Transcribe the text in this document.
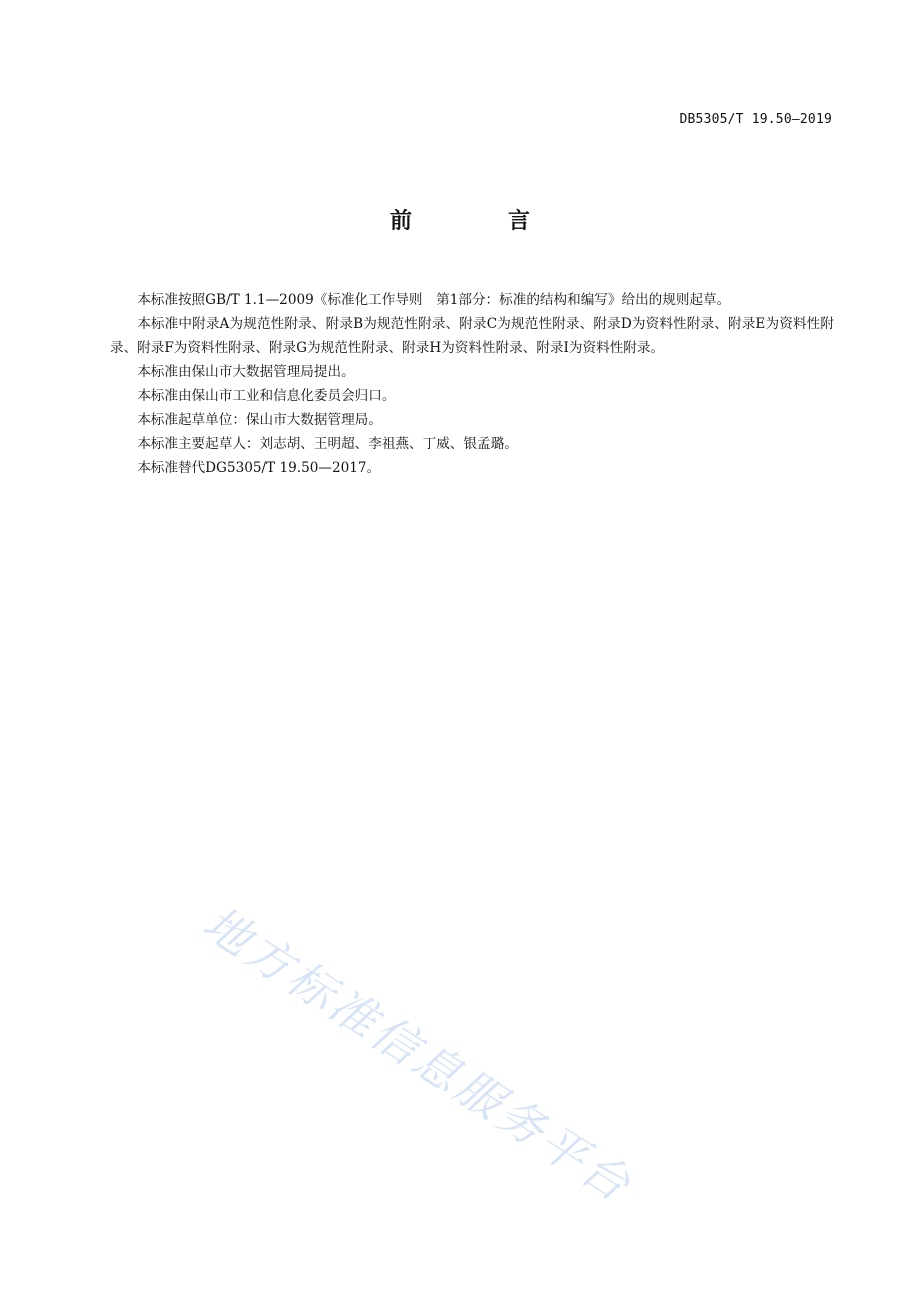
DB5305/T 19.50—2019
前	言

本标准按照GB/T 1.1—2009《标准化工作导则　第1部分：标准的结构和编写》给出的规则起草。

本标准中附录A为规范性附录、附录B为规范性附录、附录C为规范性附录、附录D为资料性附录、附录E为资料性附录、附录F为资料性附录、附录G为规范性附录、附录H为资料性附录、附录I为资料性附录。

本标准由保山市大数据管理局提出。

本标准由保山市工业和信息化委员会归口。

本标准起草单位：保山市大数据管理局。

本标准主要起草人：刘志胡、王明超、李祖燕、丁威、银孟璐。

本标准替代DG5305/T 19.50—2017。

地方标准信息服务平台
